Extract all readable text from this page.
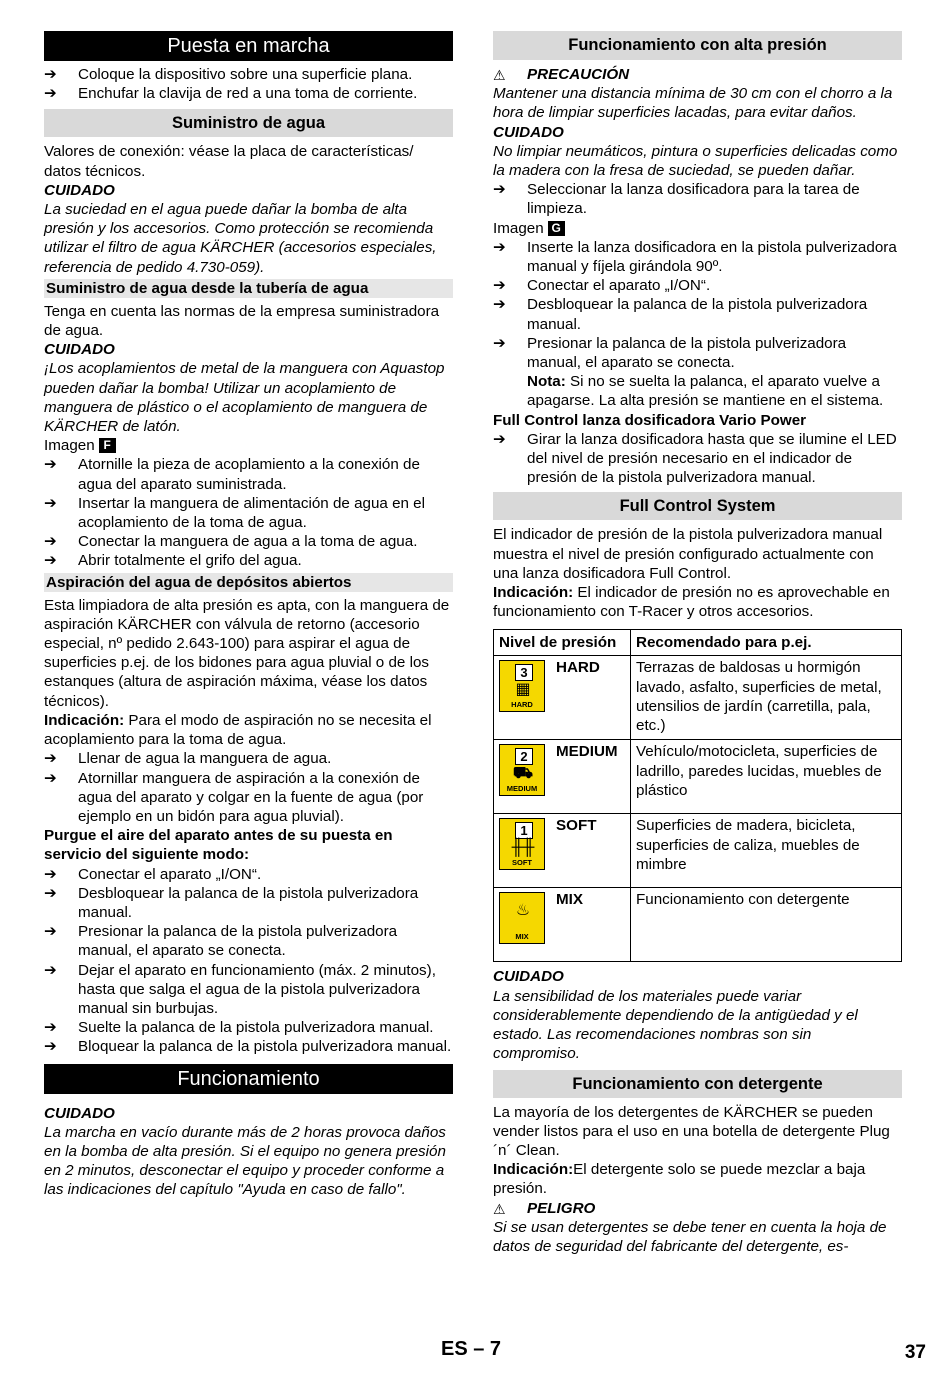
Puesta en marcha
➔	Coloque la dispositivo sobre una superficie plana.
➔	Enchufar la clavija de red a una toma de corriente.
Suministro de agua

Valores de conexión: véase la placa de características/ datos técnicos.

CUIDADO

La suciedad en el agua puede dañar la bomba de alta presión y los accesorios. Como protección se recomienda utilizar el filtro de agua KÄRCHER (accesorios especiales, referencia de pedido 4.730-059).

Suministro de agua desde la tubería de agua

Tenga en cuenta las normas de la empresa suministradora de agua.

CUIDADO

¡Los acoplamientos de metal de la manguera con Aquastop pueden dañar la bomba! Utilizar un acoplamiento de manguera de plástico o el acoplamiento de manguera de KÄRCHER de latón.

Imagen F

➔	Atornille la pieza de acoplamiento a la conexión de agua del aparato suministrada.
➔	Insertar la manguera de alimentación de agua en el acoplamiento de la toma de agua.
➔	Conectar la manguera de agua a la toma de agua.
➔	Abrir totalmente el grifo del agua.
Aspiración del agua de depósitos abiertos

Esta limpiadora de alta presión es apta, con la manguera de aspiración KÄRCHER con válvula de retorno (accesorio especial, nº pedido 2.643-100) para aspirar el agua de superficies p.ej. de los bidones para agua pluvial o de los estanques (altura de aspiración máxima, véase los datos técnicos).

Indicación: Para el modo de aspiración no se necesita el acoplamiento para la toma de agua.

➔	Llenar de agua la manguera de agua.
➔	Atornillar manguera de aspiración a la conexión de agua del aparato y colgar en la fuente de agua (por ejemplo en un bidón para agua pluvial).

Purgue el aire del aparato antes de su puesta en servicio del siguiente modo:

➔	Conectar el aparato „I/ON“.
➔	Desbloquear la palanca de la pistola pulverizadora manual.
➔	Presionar la palanca de la pistola pulverizadora manual, el aparato se conecta.
➔	Dejar el aparato en funcionamiento (máx. 2 minutos), hasta que salga el agua de la pistola pulverizadora manual sin burbujas.
➔	Suelte la palanca de la pistola pulverizadora manual.
➔	Bloquear la palanca de la pistola pulverizadora manual.
Funcionamiento

CUIDADO

La marcha en vacío durante más de 2 horas provoca daños en la bomba de alta presión. Si el equipo no genera presión en 2 minutos, desconectar el equipo y proceder conforme a las indicaciones del capítulo "Ayuda en caso de fallo".

Funcionamiento con alta presión
⚠ PRECAUCIÓN

Mantener una distancia mínima de 30 cm con el chorro a la hora de limpiar superficies lacadas, para evitar daños.

CUIDADO

No limpiar neumáticos, pintura o superficies delicadas como la madera con la fresa de suciedad, se pueden dañar.

➔	Seleccionar la lanza dosificadora para la tarea de limpieza.

Imagen G

➔	Inserte la lanza dosificadora en la pistola pulverizadora manual y fíjela girándola 90º.
➔	Conectar el aparato „I/ON“.
➔	Desbloquear la palanca de la pistola pulverizadora manual.
➔	Presionar la palanca de la pistola pulverizadora manual, el aparato se conecta.
Nota: Si no se suelta la palanca, el aparato vuelve a apagarse. La alta presión se mantiene en el sistema.

Full Control lanza dosificadora Vario Power

➔	Girar la lanza dosificadora hasta que se ilumine el LED del nivel de presión necesario en el indicador de presión de la pistola pulverizadora manual.
Full Control System

El indicador de presión de la pistola pulverizadora manual muestra el nivel de presión configurado actualmente con una lanza dosificadora Full Control.

Indicación: El indicador de presión no es aprovechable en funcionamiento con T-Racer y otros accesorios.

Nivel de presión		Recomendado para p.ej.

3
▦
HARD	HARD	Terrazas de baldosas u hormigón lavado, asfalto, superficies de metal, utensilios de jardín (carretilla, pala, etc.)

2
⛟
MEDIUM	MEDIUM	Vehículo/motocicleta, superficies de ladrillo, paredes lucidas, muebles de plástico

1
╫╫
SOFT	SOFT	Superficies de madera, bicicleta, superficies de caliza, muebles de mimbre

♨
MIX	MIX	Funcionamiento con detergente

CUIDADO

La sensibilidad de los materiales puede variar considerablemente dependiendo de la antigüedad y el estado. Las recomendaciones nombras son sin compromiso.

Funcionamiento con detergente

La mayoría de los detergentes de KÄRCHER se pueden vender listos para el uso en una botella de detergente Plug ´n´ Clean.

Indicación:El detergente solo se puede mezclar a baja presión.

⚠ PELIGRO

Si se usan detergentes se debe tener en cuenta la hoja de datos de seguridad del fabricante del detergente, es-

ES – 7	37
